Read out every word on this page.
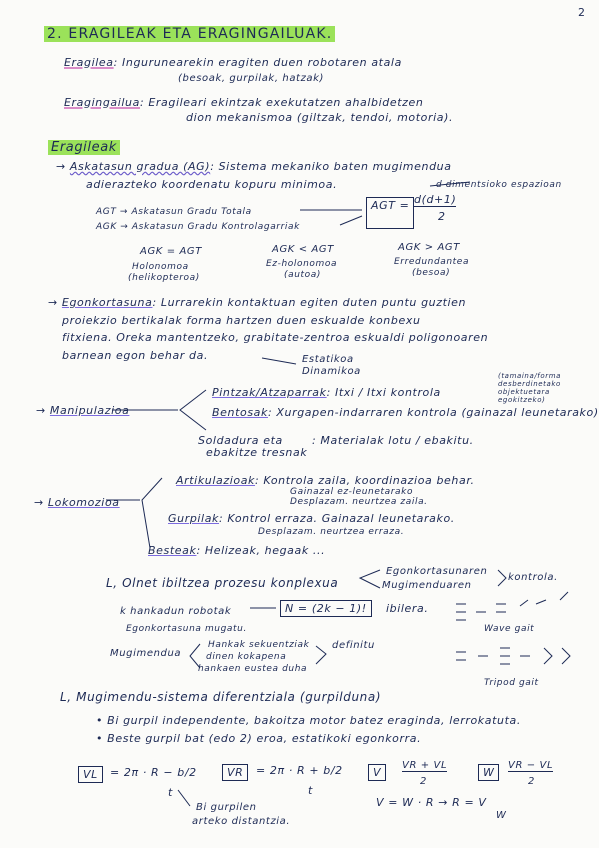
2
2. ERAGILEAK ETA ERAGINGAILUAK.
Eragilea: Ingurunearekin eragiten duen robotaren atala
(besoak, gurpilak, hatzak)
Eragingailua: Eragileari ekintzak exekutatzen ahalbidetzen
dion mekanismoa (giltzak, tendoi, motoria).
Eragileak
→ Askatasun gradua (AG): Sistema mekaniko baten mugimendua
adierazteko koordenatu kopuru minimoa.	d dimentsioko espazioan
AGT → Askatasun Gradu Totala
AGK → Askatasun Gradu Kontrolagarriak
AGT = d(d+1)
2
AGK = AGT
Holonomoa
(helikopteroa)
AGK < AGT
Ez-holonomoa
(autoa)
AGK > AGT
Erredundantea
(besoa)
→ Egonkortasuna: Lurrarekin kontaktuan egiten duten puntu guztien
proiekzio bertikalak forma hartzen duen eskualde konbexu
fitxiena. Oreka mantentzeko, grabitate-zentroa eskualdi poligonoaren
barnean egon behar da.	Estatikoa
Dinamikoa
→ Manipulazioa
Pintzak/Atzaparrak: Itxi / Itxi kontrola
(tamaina/forma desberdinetako objektuetara egokitzeko)
Bentosak: Xurgapen-indarraren kontrola (gainazal leunetarako)
Soldadura eta
ebakitze tresnak
: Materialak lotu / ebakitu.
→ Lokomozioa
Artikulazioak: Kontrola zaila, koordinazioa behar.
Gainazal ez-leunetarako
Desplazam. neurtzea zaila.
Gurpilak: Kontrol erraza. Gainazal leunetarako.
Desplazam. neurtzea erraza.
Besteak: Helizeak, hegaak ...
L, Olnet ibiltzea prozesu konplexua
Egonkortasunaren
Mugimenduaren
kontrola.
k hankadun robotak
Egonkortasuna mugatu.
N = (2k − 1)!	ibilera.
Wave gait
Tripod gait
Mugimendua
Hankak sekuentziak
dinen kokapena
hankaen eustea duha
definitu
L, Mugimendu-sistema diferentziala (gurpilduna)
• Bi gurpil independente, bakoitza motor batez eraginda, lerrokatuta.
• Beste gurpil bat (edo 2) eroa, estatikoki egonkorra.
VL	= 2π · R − b/2
t
VR	= 2π · R + b/2
t
V
VR + VL
2
W
VR − VL
2
V = W · R → R = V
W
Bi gurpilen
arteko distantzia.
